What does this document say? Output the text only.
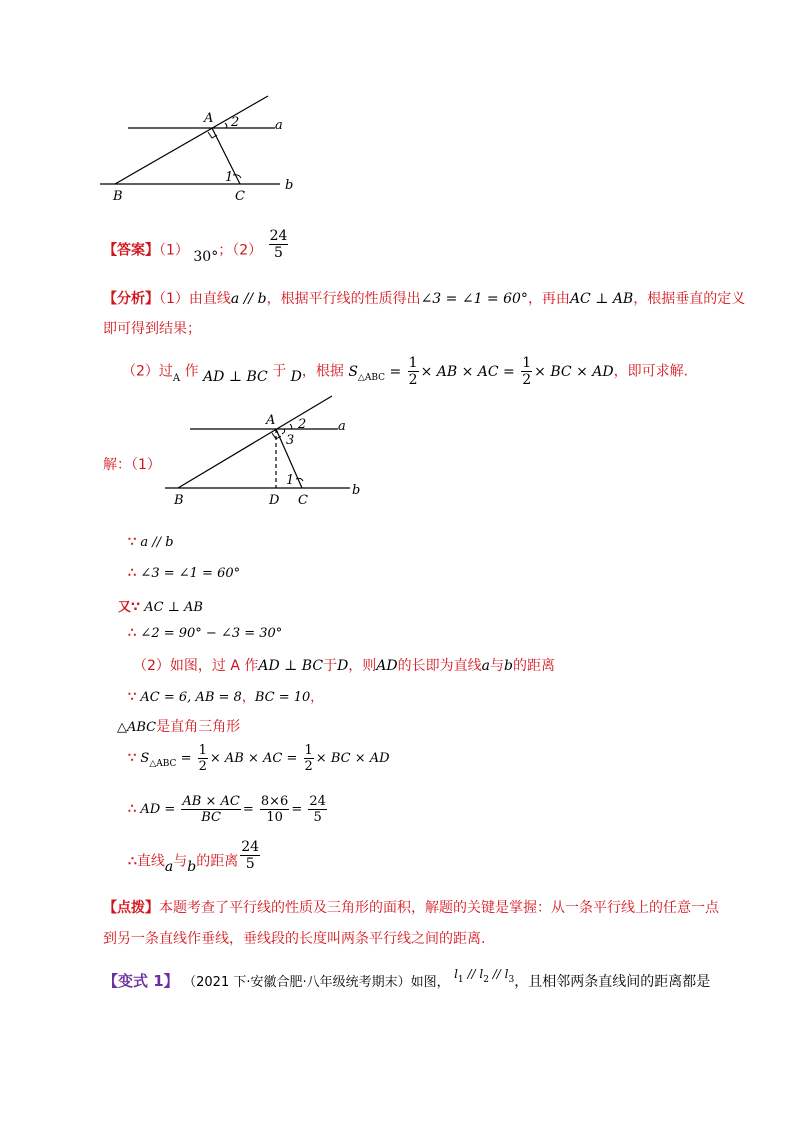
A 2	a
1
b
B	C
【答案】（1） 30°；$(2) \frac{24}{5}$
【分析】（1）由直线a // b，根据平行线的性质得出∠3 = ∠1 = 60°，再由AC ⊥ AB，根据垂直的定义
即可得到结果；
（2）过$_A$ 作 AD ⊥ BC 于 D，根据 $S_{\triangle ABC} = \frac{1}{2}$ × AB × AC = $\frac{1}{2}$ × BC × AD，即可求解.
解：（1）
A 2
3
a
1
b
B	D C
∵ a // b
∴ ∠3 = ∠1 = 60°
又∵ AC ⊥ AB
∴ ∠2 = 90° − ∠3 = 30°
（2）如图，过 A 作AD ⊥ BC于D，则AD的长即为直线a与b的距离
∵ AC = 6, AB = 8，BC = 10，
△ABC是直角三角形
∵ $S_{\triangle ABC} = \frac{1}{2}$ × AB × AC = $\frac{1}{2}$ × BC × AD
∴ AD = $\frac{AB \times AC}{BC} = \frac{8\times 6}{10} = \frac{24}{5}$
∴直线a与b的距离 $\frac{24}{5}$
【点拨】本题考查了平行线的性质及三角形的面积，解题的关键是掌握：从一条平行线上的任意一点
到另一条直线作垂线，垂线段的长度叫两条平行线之间的距离.
【变式 1】 （2021 下·安徽合肥·八年级统考期末）如图， $l_1 // l_2 // l_3$，且相邻两条直线间的距离都是
